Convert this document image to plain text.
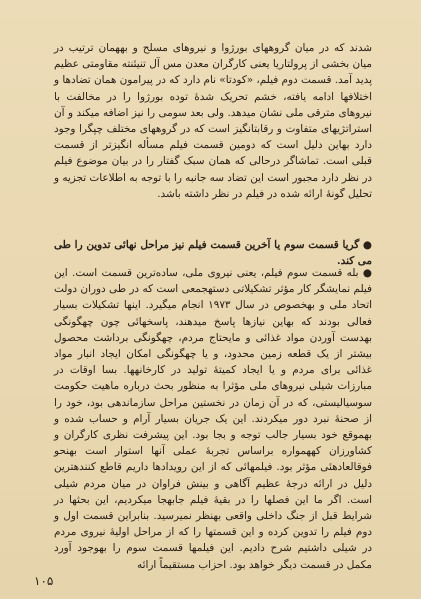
شدند که در میان گروههای بورژوا و نیروهای مسلح و بههمان ترتیب در میان بخشی از پرولتاریا یعنی کارگران معدن مس آل تنیئنته مقاومتی عظیم پدید آمد. قسمت دوم فیلم، «کودتا» نام دارد که در پیرامون همان تضادها و اختلافها ادامه یافته، خشم تحریک شدهٔ توده بورژوا را در مخالفت با نیروهای مترقی ملی نشان میدهد. ولی بعد سومی را نیز اضافه میکند و آن استراتژیهای متفاوت و رقابتانگیز است که در گروههای مختلف چپگرا وجود دارد بهاین دلیل است که دومین قسمت فیلم مسأله انگیزتر از قسمت قبلی است. تماشاگر درحالی که همان سبک گفتار را در بیان موضوع فیلم در نظر دارد مجبور است این تضاد سه جانبه را با توجه به اطلاعات تجزیه و تحلیل گونهٔ ارائه شده در فیلم در نظر داشته باشد.

● گریا قسمت سوم یا آخرین قسمت فیلم نیز مراحل نهائی تدوین را طی می کند.

● بله قسمت سوم فیلم، یعنی نیروی ملی، ساده‌ترین قسمت است. این فیلم نمایشگر کار مؤثر تشکیلاتی دستهجمعی است که در طی دوران دولت اتحاد ملی و بهخصوص در سال ۱۹۷۳ انجام میگیرد. اینها تشکیلات بسیار فعالی بودند که بهاین نیازها پاسخ میدهند، پاسخهائی چون چهگونگی بهدست آوردن مواد غذائی و مایحتاج مردم، چهگونگی برداشت محصول بیشتر از یک قطعه زمین محدود، و یا چهگونگی امکان ایجاد انبار مواد غذائی برای مردم و یا ایجاد کمیتهٔ تولید در کارخانهها. بسا اوقات در مبارزات شیلی نیروهای ملی مؤثرا به منظور بحث درباره ماهیت حکومت سوسیالیستی، که در آن زمان در نخستین مراحل سازماندهی بود، خود را از صحنهٔ نبرد دور میکردند. این یک جریان بسیار آرام و حساب شده و بهموقع خود بسیار جالب توجه و بجا بود. این پیشرفت نظری کارگران و کشاورزان کههمواره براساس تجربهٔ عملی آنها استوار است بهنحو فوقالعادهئی مؤثر بود. فیلمهائی که از این رویدادها داریم قاطع کنندهترین دلیل در ارائه درجهٔ عظیم آگاهی و بینش فراوان در میان مردم شیلی است. اگر ما این فصلها را در بقیهٔ فیلم جابهجا میکردیم، این بحثها در شرایط قبل از جنگ داخلی واقعی بهنظر نمیرسید. بنابراین قسمت اول و دوم فیلم را تدوین کرده و این قسمتها را که از مراحل اولیهٔ نیروی مردم در شیلی داشتیم شرح دادیم. این فیلمها قسمت سوم را بهوجود آورد مکمل در قسمت دیگر خواهد بود. احزاب مستقیماً ارائه

۱۰۵
